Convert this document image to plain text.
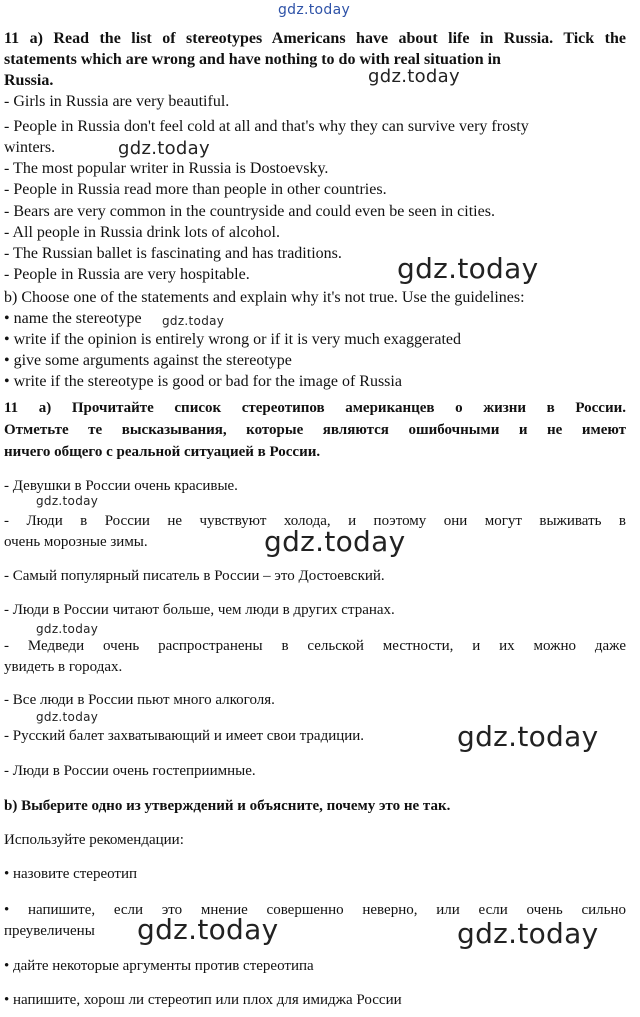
gdz.today
11 a) Read the list of stereotypes Americans have about life in Russia. Tick the
statements which are wrong and have nothing to do with real situation in
Russia.	gdz.today
- Girls in Russia are very beautiful.
- People in Russia don't feel cold at all and that's why they can survive very frosty
winters.	gdz.today
- The most popular writer in Russia is Dostoevsky.
- People in Russia read more than people in other countries.
- Bears are very common in the countryside and could even be seen in cities.
- All people in Russia drink lots of alcohol.
- The Russian ballet is fascinating and has traditions.
- People in Russia are very hospitable.	gdz.today
b) Choose one of the statements and explain why it's not true. Use the guidelines:
• name the stereotype	gdz.today
• write if the opinion is entirely wrong or if it is very much exaggerated
• give some arguments against the stereotype
• write if the stereotype is good or bad for the image of Russia
11 а) Прочитайте список стереотипов американцев о жизни в России.
Отметьте те высказывания, которые являются ошибочными и не имеют
ничего общего с реальной ситуацией в России.
- Девушки в России очень красивые.
gdz.today
- Люди в России не чувствуют холода, и поэтому они могут выживать в
очень морозные зимы.	gdz.today
- Самый популярный писатель в России – это Достоевский.
- Люди в России читают больше, чем люди в других странах.
gdz.today
- Медведи очень распространены в сельской местности, и их можно даже
увидеть в городах.
- Все люди в России пьют много алкоголя.
gdz.today
- Русский балет захватывающий и имеет свои традиции.	gdz.today
- Люди в России очень гостеприимные.
b) Выберите одно из утверждений и объясните, почему это не так.
Используйте рекомендации:
• назовите стереотип
• напишите, если это мнение совершенно неверно, или если очень сильно
преувеличены	gdz.today	gdz.today
• дайте некоторые аргументы против стереотипа
• напишите, хорош ли стереотип или плох для имиджа России
